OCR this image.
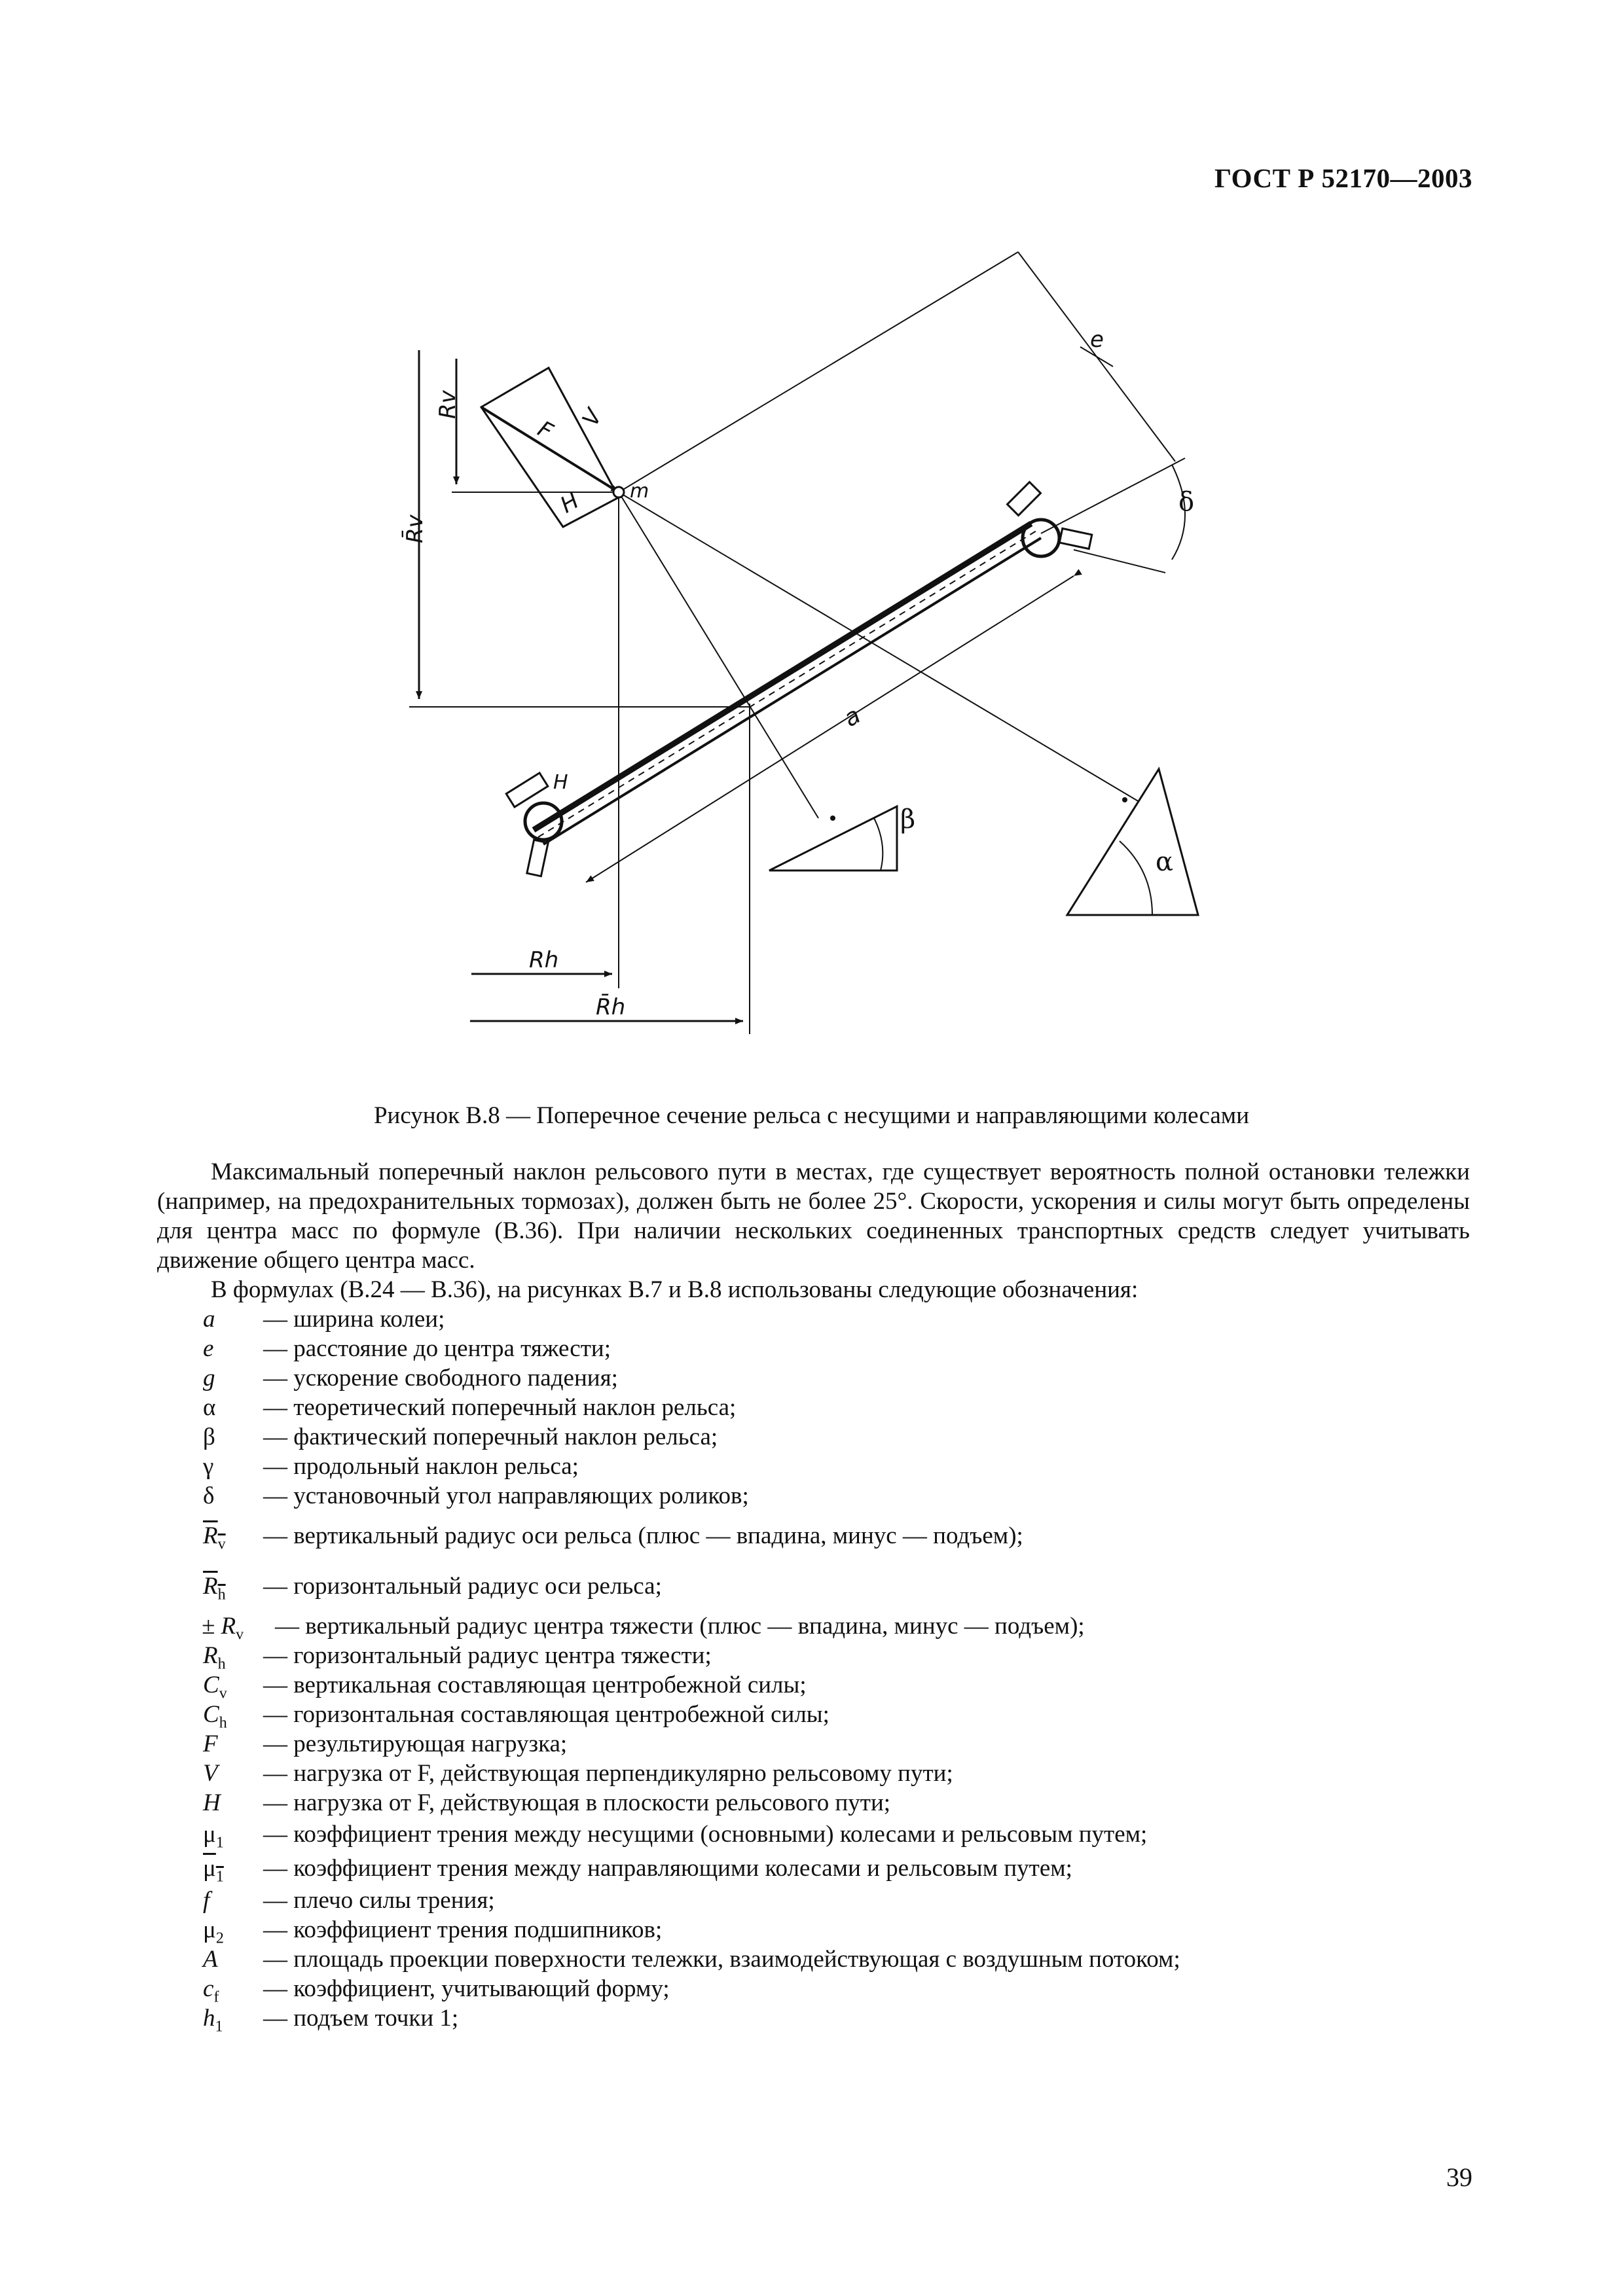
ГОСТ Р 52170—2003
e
δ
m
F V
H
Rv
R̄v
a
H
β
α
Rh
R̄h
Рисунок В.8 — Поперечное сечение рельса с несущими и направляющими колесами
Максимальный поперечный наклон рельсового пути в местах, где существует вероятность полной остановки тележки (например, на предохранительных тормозах), должен быть не более 25°. Скорости, ускорения и силы могут быть определены для центра масс по формуле (В.36). При наличии нескольких соединенных транспортных средств следует учитывать движение общего центра масс.
В формулах (В.24 — В.36), на рисунках В.7 и В.8 использованы следующие обозначения:
a — ширина колеи;
e — расстояние до центра тяжести;
g — ускорение свободного падения;
α — теоретический поперечный наклон рельса;
β — фактический поперечный наклон рельса;
γ — продольный наклон рельса;
δ — установочный угол направляющих роликов;
$R_v$ — вертикальный радиус оси рельса (плюс — впадина, минус — подъем);
$R_h$ — горизонтальный радиус оси рельса;
± $R_v$ — вертикальный радиус центра тяжести (плюс — впадина, минус — подъем);
$R_h$ — горизонтальный радиус центра тяжести;
$C_v$ — вертикальная составляющая центробежной силы;
$C_h$ — горизонтальная составляющая центробежной силы;
F — результирующая нагрузка;
V — нагрузка от F, действующая перпендикулярно рельсовому пути;
H — нагрузка от F, действующая в плоскости рельсового пути;
$\mu_1$ — коэффициент трения между несущими (основными) колесами и рельсовым путем;
$\mu_1$ — коэффициент трения между направляющими колесами и рельсовым путем;
f — плечо силы трения;
$\mu_2$ — коэффициент трения подшипников;
A — площадь проекции поверхности тележки, взаимодействующая с воздушным потоком;
$c_f$ — коэффициент, учитывающий форму;
$h_1$ — подъем точки 1;
39
